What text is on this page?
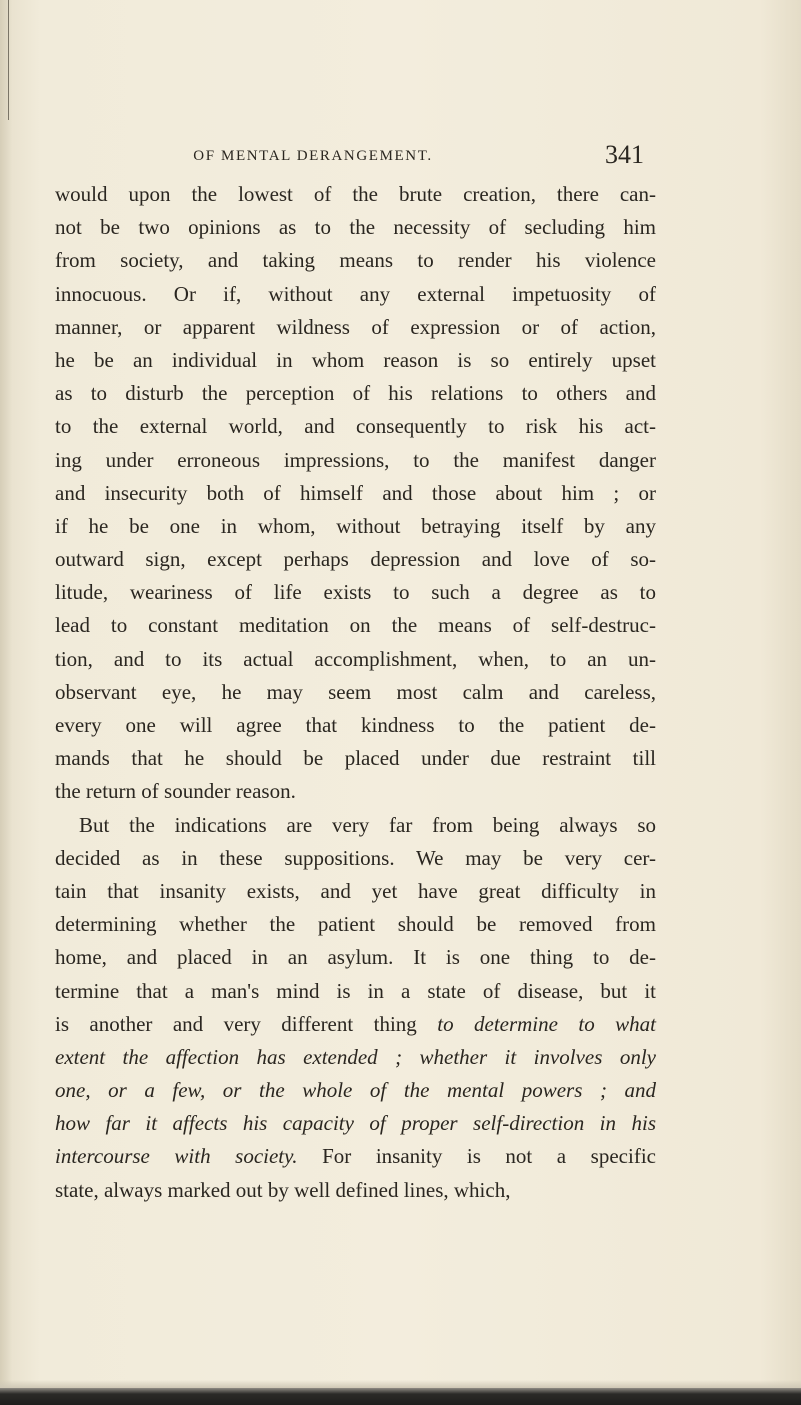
OF MENTAL DERANGEMENT.	341
would upon the lowest of the brute creation, there can-
not be two opinions as to the necessity of secluding him
from society, and taking means to render his violence
innocuous. Or if, without any external impetuosity of
manner, or apparent wildness of expression or of action,
he be an individual in whom reason is so entirely upset
as to disturb the perception of his relations to others and
to the external world, and consequently to risk his act-
ing under erroneous impressions, to the manifest danger
and insecurity both of himself and those about him ; or
if he be one in whom, without betraying itself by any
outward sign, except perhaps depression and love of so-
litude, weariness of life exists to such a degree as to
lead to constant meditation on the means of self-destruc-
tion, and to its actual accomplishment, when, to an un-
observant eye, he may seem most calm and careless,
every one will agree that kindness to the patient de-
mands that he should be placed under due restraint till
the return of sounder reason.
But the indications are very far from being always so
decided as in these suppositions. We may be very cer-
tain that insanity exists, and yet have great difficulty in
determining whether the patient should be removed from
home, and placed in an asylum. It is one thing to de-
termine that a man's mind is in a state of disease, but it
is another and very different thing to determine to what
extent the affection has extended ; whether it involves only
one, or a few, or the whole of the mental powers ; and
how far it affects his capacity of proper self-direction in his
intercourse with society. For insanity is not a specific
state, always marked out by well defined lines, which,
